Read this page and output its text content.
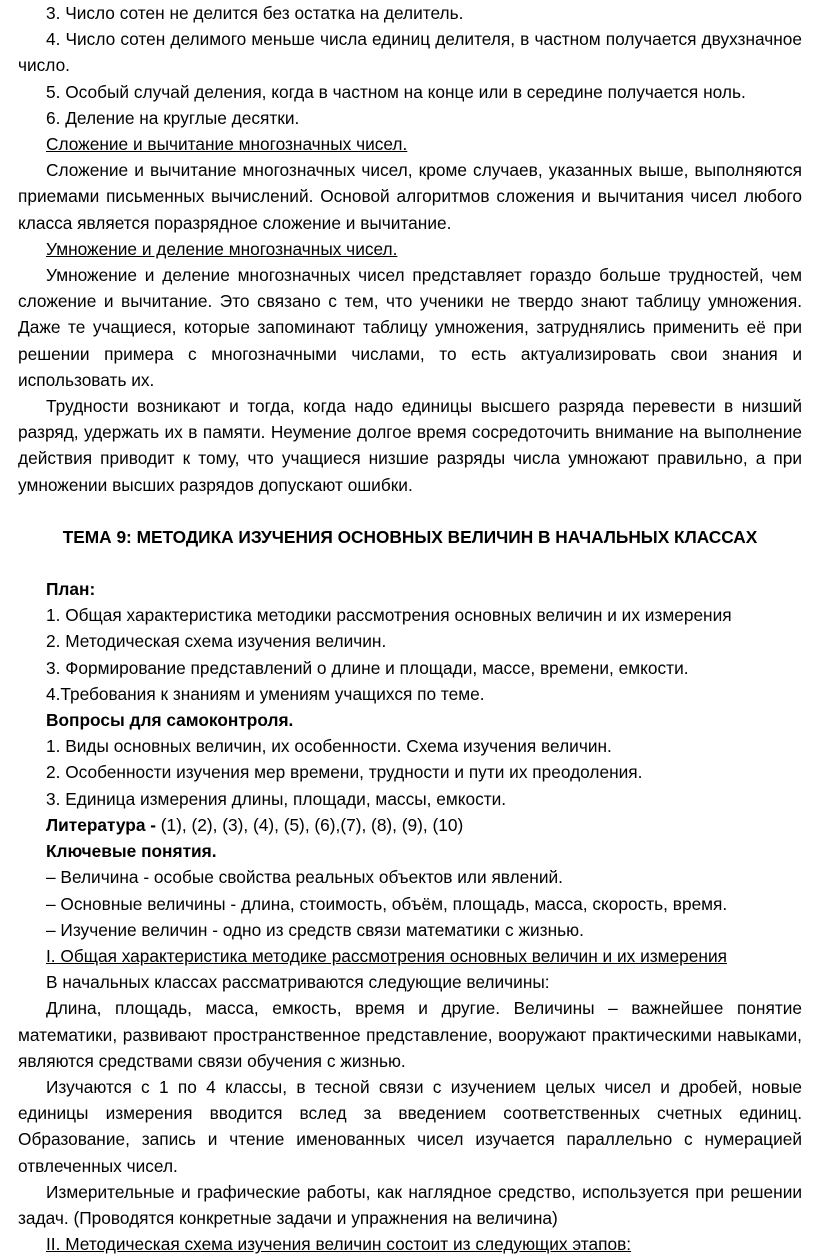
3. Число сотен не делится без остатка на делитель.

4. Число сотен делимого меньше числа единиц делителя, в частном получается двухзначное число.

5. Особый случай деления, когда в частном на конце или в середине получается ноль.

6. Деление на круглые десятки.

Сложение и вычитание многозначных чисел.

Сложение и вычитание многозначных чисел, кроме случаев, указанных выше, выполняются приемами письменных вычислений. Основой алгоритмов сложения и вычитания чисел любого класса является поразрядное сложение и вычитание.

Умножение и деление многозначных чисел.

Умножение и деление многозначных чисел представляет гораздо больше трудностей, чем сложение и вычитание. Это связано с тем, что ученики не твердо знают таблицу умножения. Даже те учащиеся, которые запоминают таблицу умножения, затруднялись применить её при решении примера с многозначными числами, то есть актуализировать свои знания и использовать их.

Трудности возникают и тогда, когда надо единицы высшего разряда перевести в низший разряд, удержать их в памяти. Неумение долгое время сосредоточить внимание на выполнение действия приводит к тому, что учащиеся низшие разряды числа умножают правильно, а при умножении высших разрядов допускают ошибки.

ТЕМА 9: МЕТОДИКА ИЗУЧЕНИЯ ОСНОВНЫХ ВЕЛИЧИН В НАЧАЛЬНЫХ КЛАССАХ

План:

1. Общая характеристика методики рассмотрения основных величин и их измерения

2. Методическая схема изучения величин.

3. Формирование представлений о длине и площади, массе, времени, емкости.

4.Требования к знаниям и умениям учащихся по теме.

Вопросы для самоконтроля.

1. Виды основных величин, их особенности. Схема изучения величин.

2. Особенности изучения мер времени, трудности и пути их преодоления.

3. Единица измерения длины, площади, массы, емкости.

Литература - (1), (2), (3), (4), (5), (6),(7), (8), (9), (10)

Ключевые понятия.

– Величина - особые свойства реальных объектов или явлений.

– Основные величины - длина, стоимость, объём, площадь, масса, скорость, время.

– Изучение величин - одно из средств связи математики с жизнью.

I. Общая характеристика методике рассмотрения основных величин и их измерения

В начальных классах рассматриваются следующие величины:

Длина, площадь, масса, емкость, время и другие. Величины – важнейшее понятие математики, развивают пространственное представление, вооружают практическими навыками, являются средствами связи обучения с жизнью.

Изучаются с 1 по 4 классы, в тесной связи с изучением целых чисел и дробей, новые единицы измерения вводится вслед за введением соответственных счетных единиц. Образование, запись и чтение именованных чисел изучается параллельно с нумерацией отвлеченных чисел.

Измерительные и графические работы, как наглядное средство, используется при решении задач. (Проводятся конкретные задачи и упражнения на величина)

II. Методическая схема изучения величин состоит из следующих этапов:
